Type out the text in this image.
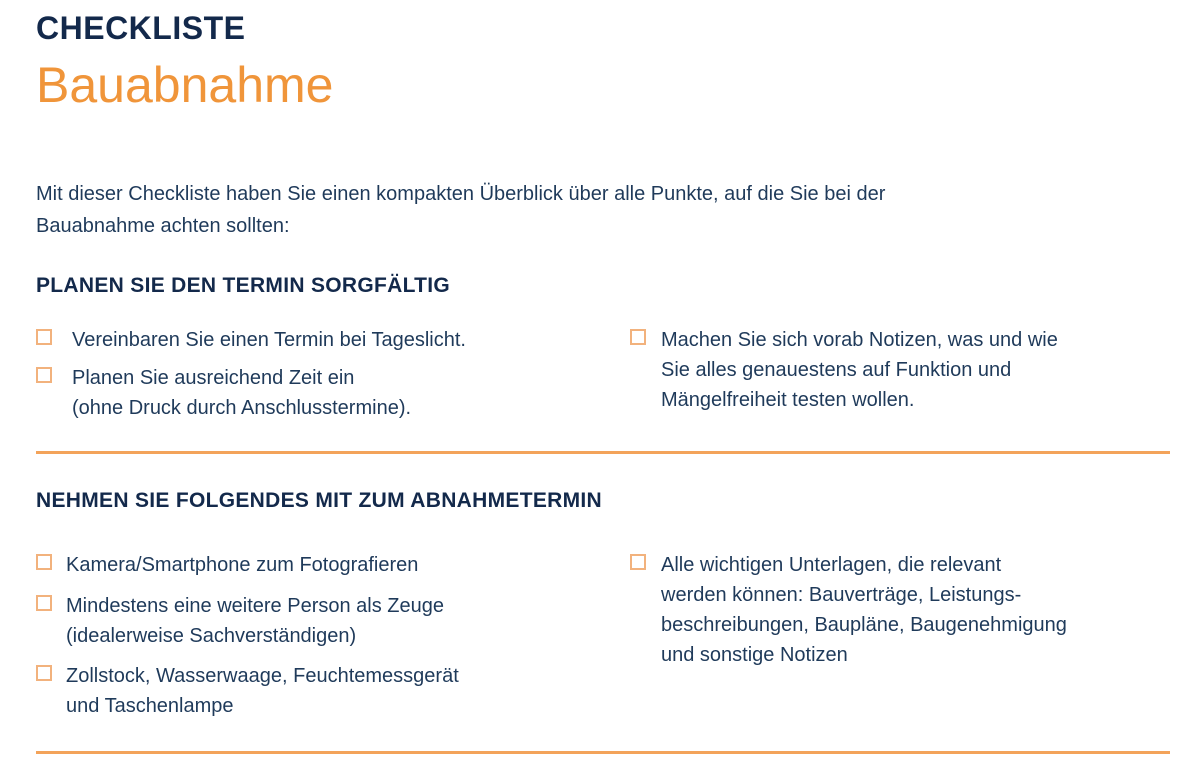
CHECKLISTE
Bauabnahme
Mit dieser Checkliste haben Sie einen kompakten Überblick über alle Punkte, auf die Sie bei der
Bauabnahme achten sollten:
PLANEN SIE DEN TERMIN SORGFÄLTIG
Vereinbaren Sie einen Termin bei Tageslicht.
Planen Sie ausreichend Zeit ein
(ohne Druck durch Anschlusstermine).
Machen Sie sich vorab Notizen, was und wie
Sie alles genauestens auf Funktion und
Mängelfreiheit testen wollen.
NEHMEN SIE FOLGENDES MIT ZUM ABNAHMETERMIN
Kamera/Smartphone zum Fotografieren
Mindestens eine weitere Person als Zeuge
(idealerweise Sachverständigen)
Zollstock, Wasserwaage, Feuchtemessgerät
und Taschenlampe
Alle wichtigen Unterlagen, die relevant
werden können: Bauverträge, Leistungs-
beschreibungen, Baupläne, Baugenehmigung
und sonstige Notizen
